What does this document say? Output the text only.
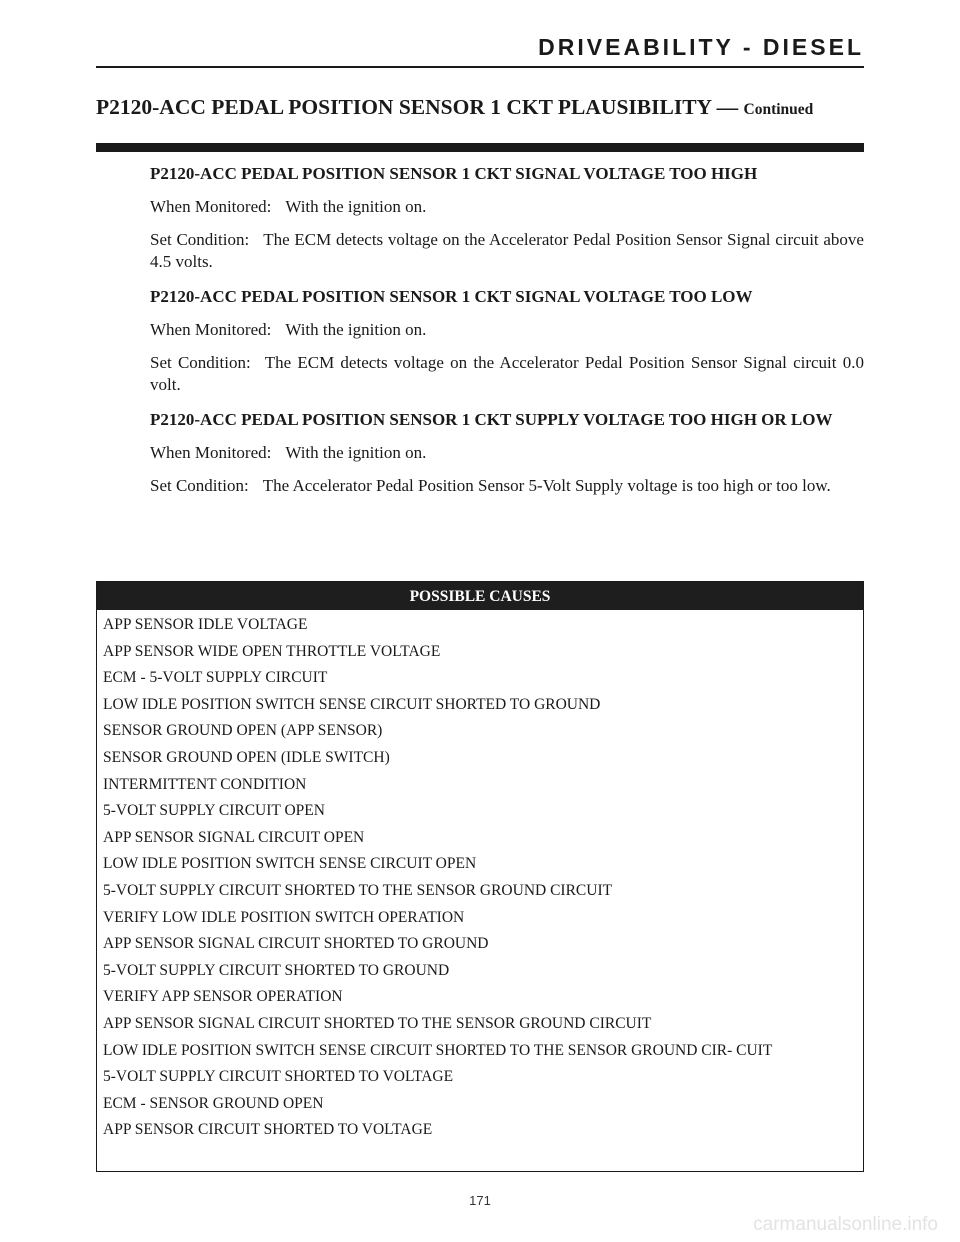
DRIVEABILITY - DIESEL
P2120-ACC PEDAL POSITION SENSOR 1 CKT PLAUSIBILITY — Continued
P2120-ACC PEDAL POSITION SENSOR 1 CKT SIGNAL VOLTAGE TOO HIGH

When Monitored: With the ignition on.

Set Condition: The ECM detects voltage on the Accelerator Pedal Position Sensor Signal circuit above 4.5 volts.

P2120-ACC PEDAL POSITION SENSOR 1 CKT SIGNAL VOLTAGE TOO LOW

When Monitored: With the ignition on.

Set Condition: The ECM detects voltage on the Accelerator Pedal Position Sensor Signal circuit 0.0 volt.

P2120-ACC PEDAL POSITION SENSOR 1 CKT SUPPLY VOLTAGE TOO HIGH OR LOW

When Monitored: With the ignition on.

Set Condition: The Accelerator Pedal Position Sensor 5-Volt Supply voltage is too high or too low.

POSSIBLE CAUSES
APP SENSOR IDLE VOLTAGE
APP SENSOR WIDE OPEN THROTTLE VOLTAGE
ECM - 5-VOLT SUPPLY CIRCUIT
LOW IDLE POSITION SWITCH SENSE CIRCUIT SHORTED TO GROUND
SENSOR GROUND OPEN (APP SENSOR)
SENSOR GROUND OPEN (IDLE SWITCH)
INTERMITTENT CONDITION
5-VOLT SUPPLY CIRCUIT OPEN
APP SENSOR SIGNAL CIRCUIT OPEN
LOW IDLE POSITION SWITCH SENSE CIRCUIT OPEN
5-VOLT SUPPLY CIRCUIT SHORTED TO THE SENSOR GROUND CIRCUIT
VERIFY LOW IDLE POSITION SWITCH OPERATION
APP SENSOR SIGNAL CIRCUIT SHORTED TO GROUND
5-VOLT SUPPLY CIRCUIT SHORTED TO GROUND
VERIFY APP SENSOR OPERATION
APP SENSOR SIGNAL CIRCUIT SHORTED TO THE SENSOR GROUND CIRCUIT
LOW IDLE POSITION SWITCH SENSE CIRCUIT SHORTED TO THE SENSOR GROUND CIR- CUIT
5-VOLT SUPPLY CIRCUIT SHORTED TO VOLTAGE
ECM - SENSOR GROUND OPEN
APP SENSOR CIRCUIT SHORTED TO VOLTAGE
171
carmanualsonline.info
